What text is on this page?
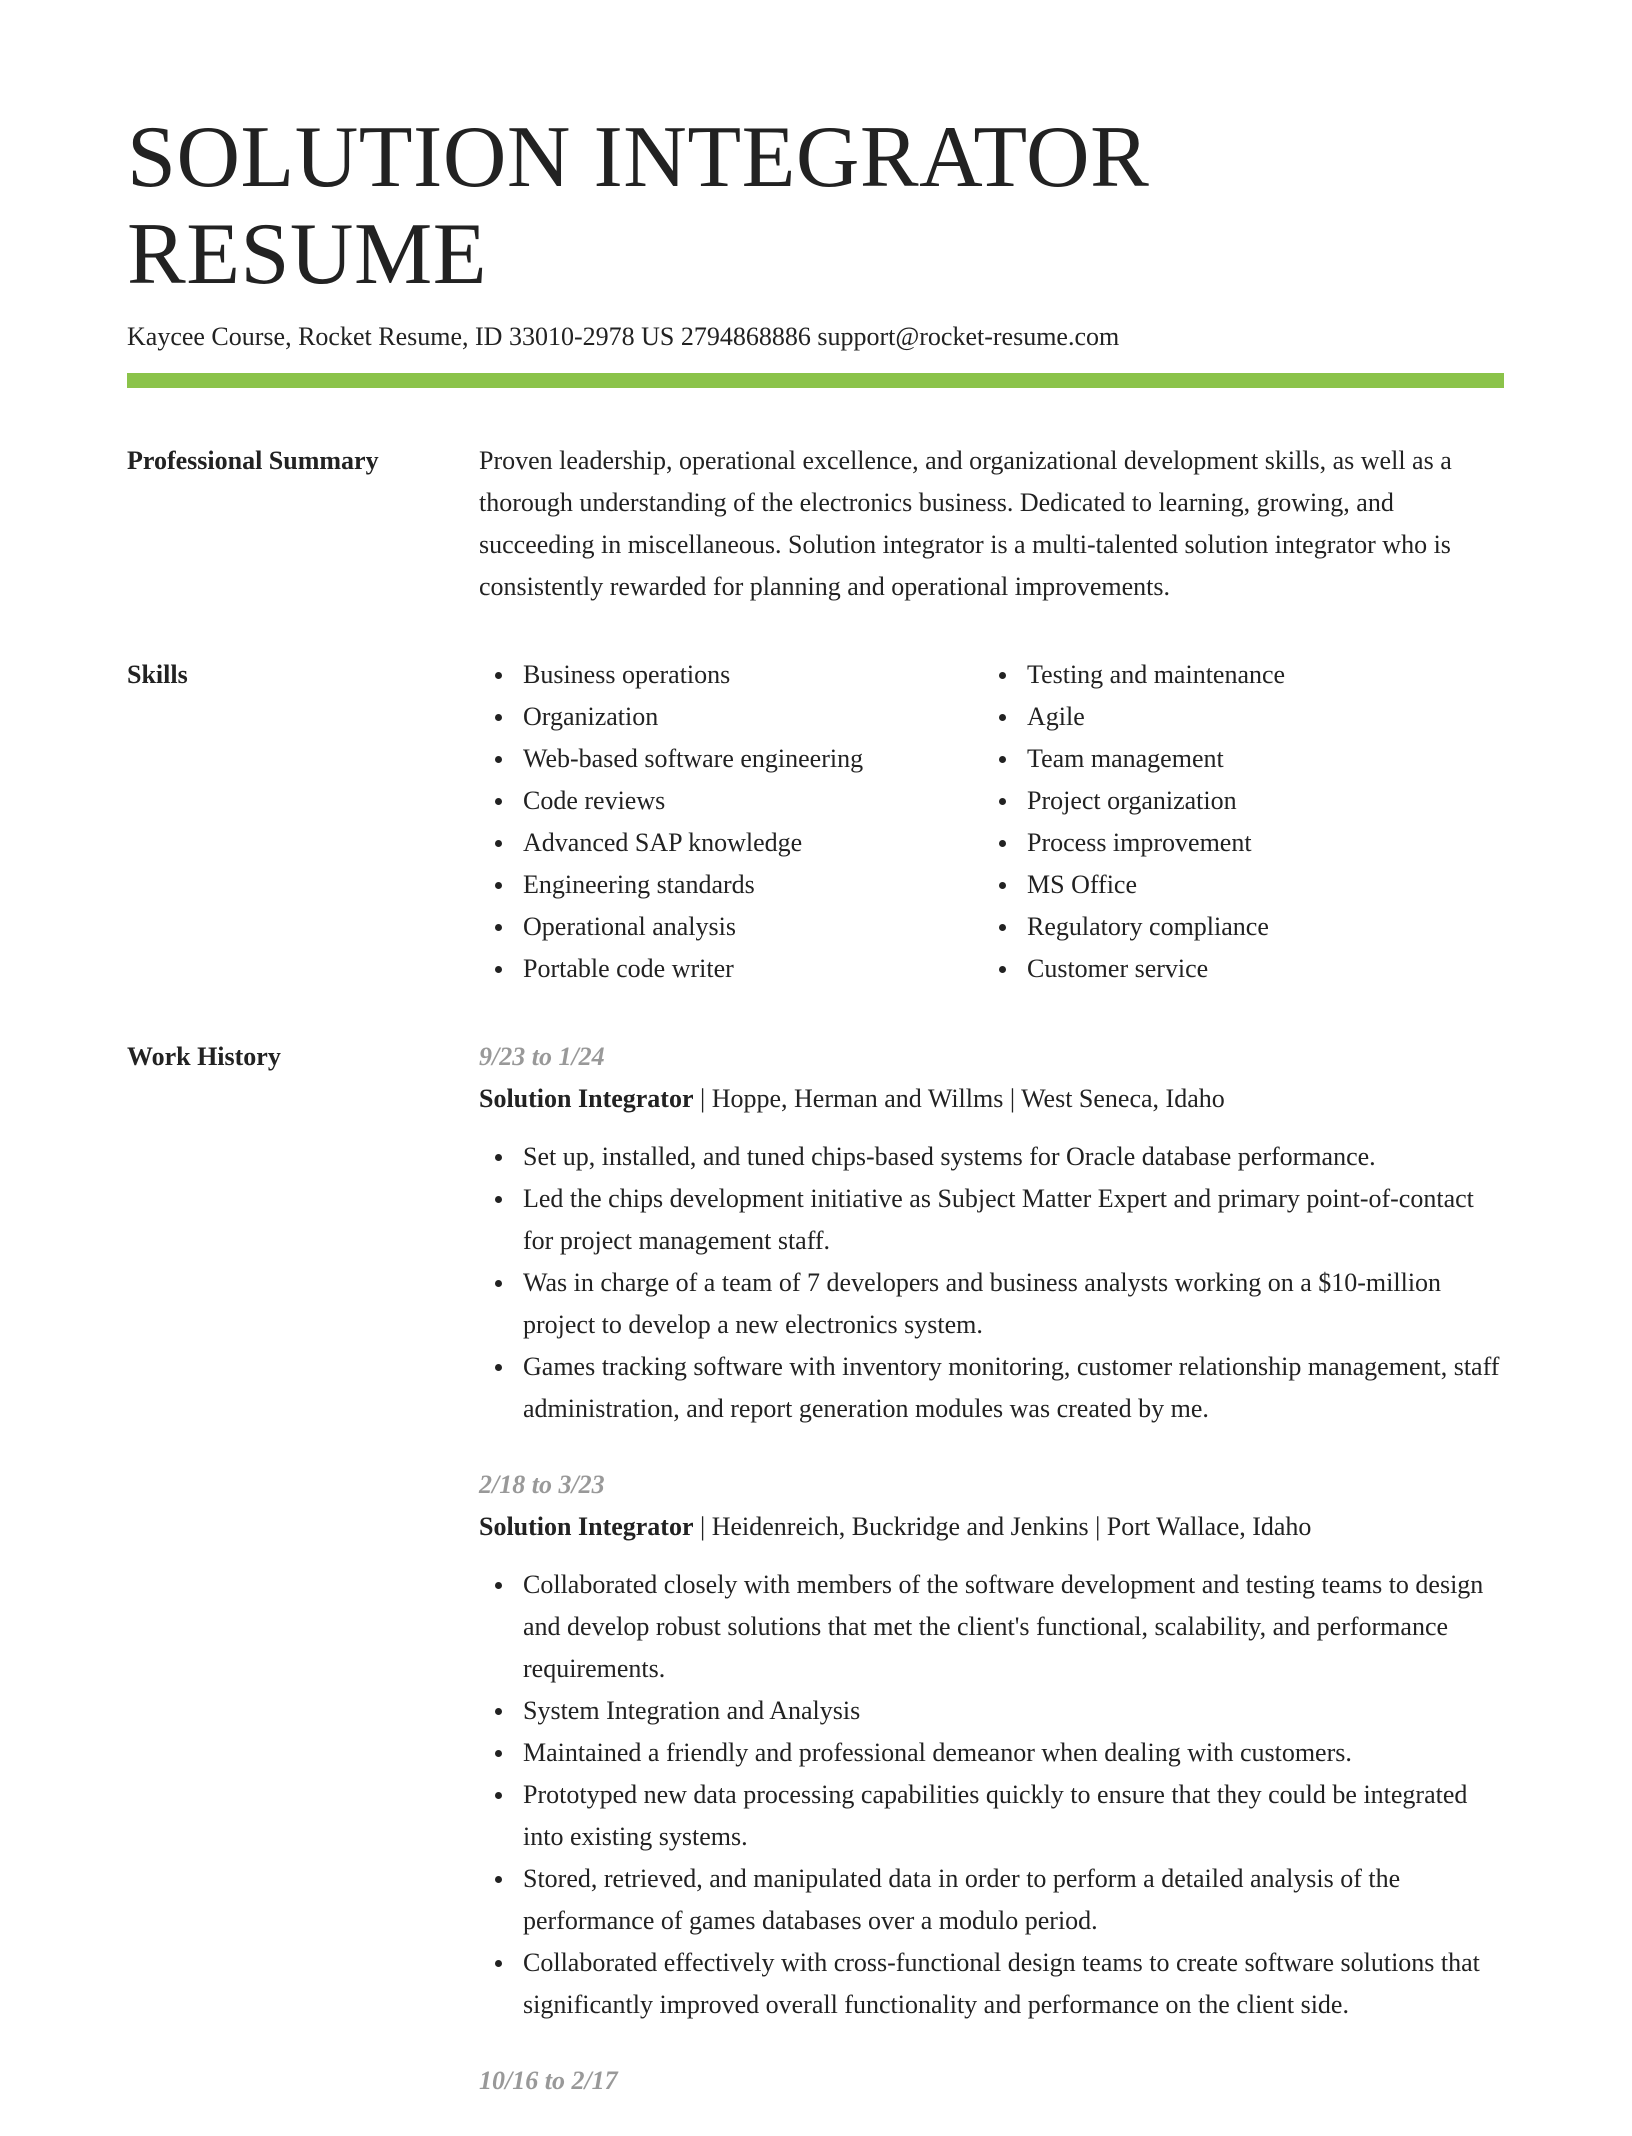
SOLUTION INTEGRATOR RESUME
Kaycee Course, Rocket Resume, ID 33010-2978 US 2794868886 support@rocket-resume.com
Professional Summary	Proven leadership, operational excellence, and organizational development skills, as well as a thorough understanding of the electronics business. Dedicated to learning, growing, and succeeding in miscellaneous. Solution integrator is a multi-talented solution integrator who is consistently rewarded for planning and operational improvements.
Skills	Business operations
Organization
Web-based software engineering
Code reviews
Advanced SAP knowledge
Engineering standards
Operational analysis
Portable code writer
Testing and maintenance
Agile
Team management
Project organization
Process improvement
MS Office
Regulatory compliance
Customer service
Work History	9/23 to 1/24
Solution Integrator | Hoppe, Herman and Willms | West Seneca, Idaho
Set up, installed, and tuned chips-based systems for Oracle database performance.
Led the chips development initiative as Subject Matter Expert and primary point-of-contact for project management staff.
Was in charge of a team of 7 developers and business analysts working on a $10-million project to develop a new electronics system.
Games tracking software with inventory monitoring, customer relationship management, staff administration, and report generation modules was created by me.
2/18 to 3/23
Solution Integrator | Heidenreich, Buckridge and Jenkins | Port Wallace, Idaho
Collaborated closely with members of the software development and testing teams to design and develop robust solutions that met the client's functional, scalability, and performance requirements.
System Integration and Analysis
Maintained a friendly and professional demeanor when dealing with customers.
Prototyped new data processing capabilities quickly to ensure that they could be integrated into existing systems.
Stored, retrieved, and manipulated data in order to perform a detailed analysis of the performance of games databases over a modulo period.
Collaborated effectively with cross-functional design teams to create software solutions that significantly improved overall functionality and performance on the client side.
10/16 to 2/17
